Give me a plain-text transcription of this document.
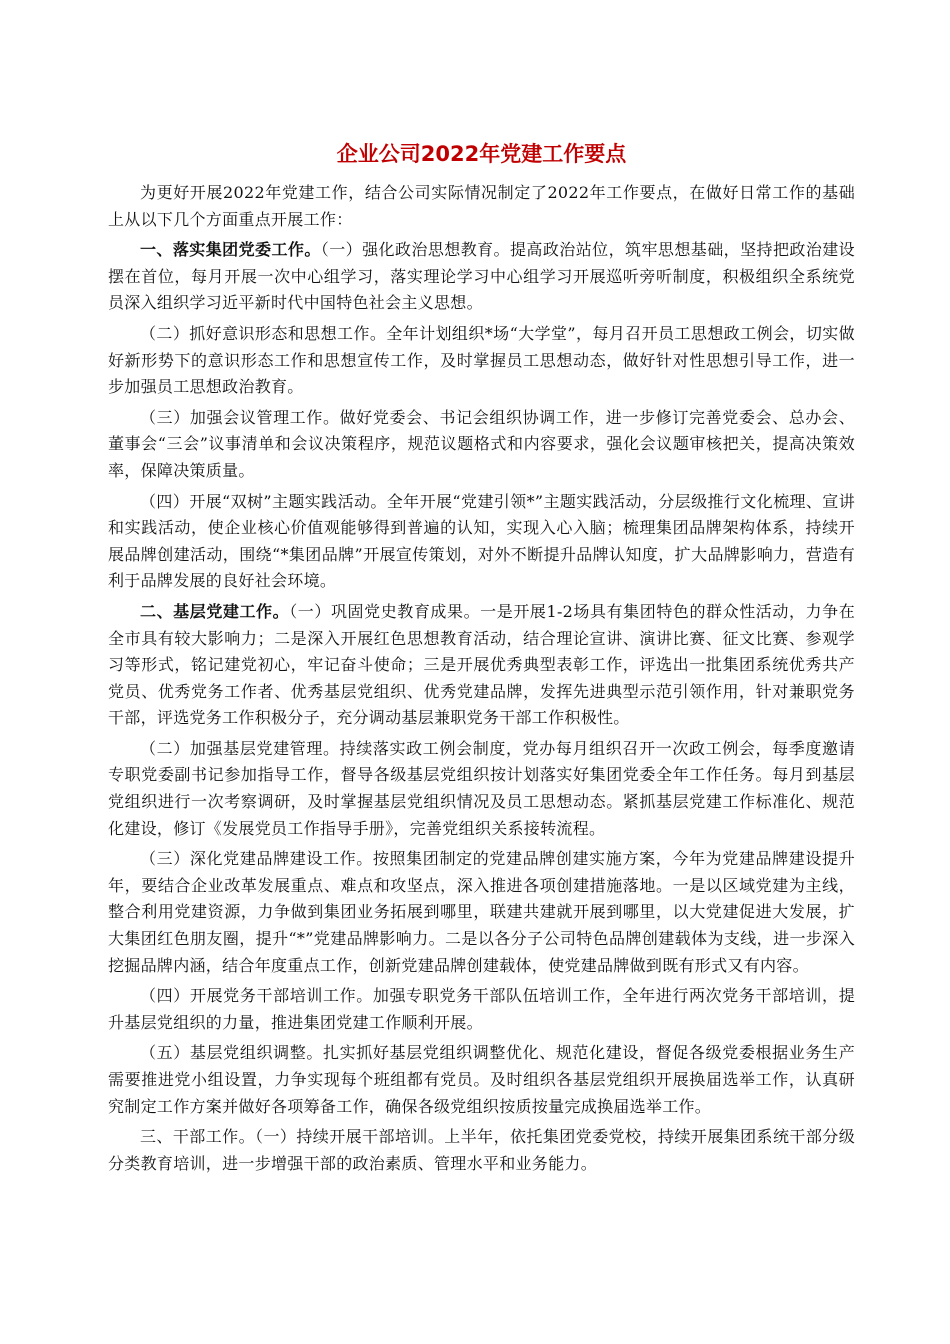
企业公司2022年党建工作要点

为更好开展2022年党建工作，结合公司实际情况制定了2022年工作要点，在做好日常工作的基础上从以下几个方面重点开展工作：

一、落实集团党委工作。（一）强化政治思想教育。提高政治站位，筑牢思想基础，坚持把政治建设摆在首位，每月开展一次中心组学习，落实理论学习中心组学习开展巡听旁听制度，积极组织全系统党员深入组织学习近平新时代中国特色社会主义思想。

（二）抓好意识形态和思想工作。全年计划组织*场“大学堂”，每月召开员工思想政工例会，切实做好新形势下的意识形态工作和思想宣传工作，及时掌握员工思想动态，做好针对性思想引导工作，进一步加强员工思想政治教育。

（三）加强会议管理工作。做好党委会、书记会组织协调工作，进一步修订完善党委会、总办会、董事会“三会”议事清单和会议决策程序，规范议题格式和内容要求，强化会议题审核把关，提高决策效率，保障决策质量。

（四）开展“双树”主题实践活动。全年开展“党建引领*”主题实践活动，分层级推行文化梳理、宣讲和实践活动，使企业核心价值观能够得到普遍的认知，实现入心入脑；梳理集团品牌架构体系，持续开展品牌创建活动，围绕“*集团品牌”开展宣传策划，对外不断提升品牌认知度，扩大品牌影响力，营造有利于品牌发展的良好社会环境。

二、基层党建工作。（一）巩固党史教育成果。一是开展1-2场具有集团特色的群众性活动，力争在全市具有较大影响力；二是深入开展红色思想教育活动，结合理论宣讲、演讲比赛、征文比赛、参观学习等形式，铭记建党初心，牢记奋斗使命；三是开展优秀典型表彰工作，评选出一批集团系统优秀共产党员、优秀党务工作者、优秀基层党组织、优秀党建品牌，发挥先进典型示范引领作用，针对兼职党务干部，评选党务工作积极分子，充分调动基层兼职党务干部工作积极性。

（二）加强基层党建管理。持续落实政工例会制度，党办每月组织召开一次政工例会，每季度邀请专职党委副书记参加指导工作，督导各级基层党组织按计划落实好集团党委全年工作任务。每月到基层党组织进行一次考察调研，及时掌握基层党组织情况及员工思想动态。紧抓基层党建工作标准化、规范化建设，修订《发展党员工作指导手册》，完善党组织关系接转流程。

（三）深化党建品牌建设工作。按照集团制定的党建品牌创建实施方案，今年为党建品牌建设提升年，要结合企业改革发展重点、难点和攻坚点，深入推进各项创建措施落地。一是以区域党建为主线，整合利用党建资源，力争做到集团业务拓展到哪里，联建共建就开展到哪里，以大党建促进大发展，扩大集团红色朋友圈，提升“*”党建品牌影响力。二是以各分子公司特色品牌创建载体为支线，进一步深入挖掘品牌内涵，结合年度重点工作，创新党建品牌创建载体，使党建品牌做到既有形式又有内容。

（四）开展党务干部培训工作。加强专职党务干部队伍培训工作，全年进行两次党务干部培训，提升基层党组织的力量，推进集团党建工作顺利开展。

（五）基层党组织调整。扎实抓好基层党组织调整优化、规范化建设，督促各级党委根据业务生产需要推进党小组设置，力争实现每个班组都有党员。及时组织各基层党组织开展换届选举工作，认真研究制定工作方案并做好各项筹备工作，确保各级党组织按质按量完成换届选举工作。

三、干部工作。（一）持续开展干部培训。上半年，依托集团党委党校，持续开展集团系统干部分级分类教育培训，进一步增强干部的政治素质、管理水平和业务能力。
